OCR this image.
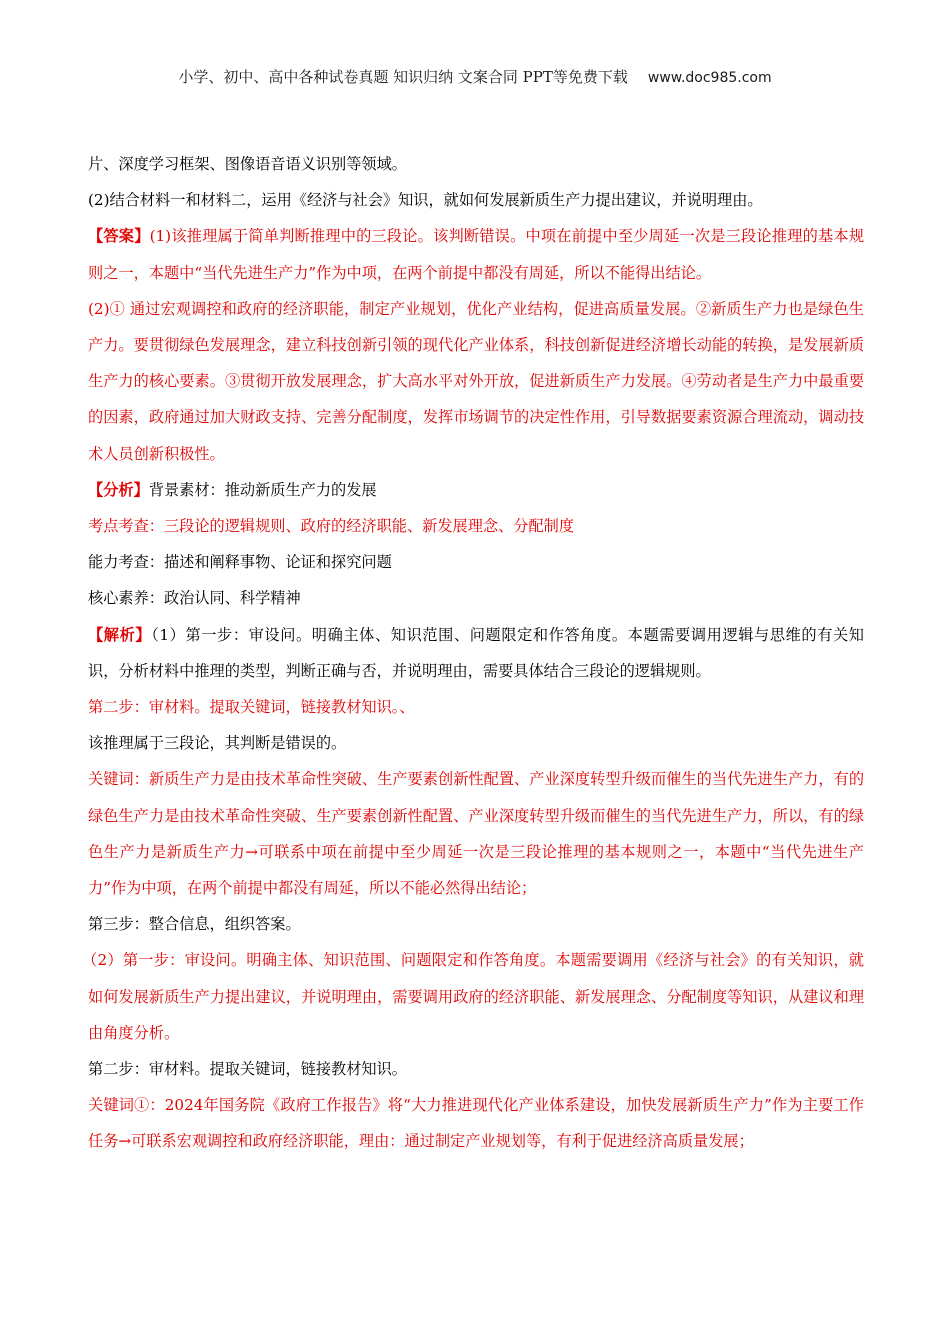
小学、初中、高中各种试卷真题 知识归纳 文案合同 PPT等免费下载 www.doc985.com

片、深度学习框架、图像语音语义识别等领域。

(2)结合材料一和材料二，运用《经济与社会》知识，就如何发展新质生产力提出建议，并说明理由。

【答案】(1)该推理属于简单判断推理中的三段论。该判断错误。中项在前提中至少周延一次是三段论推理的基本规则之一，本题中“当代先进生产力”作为中项，在两个前提中都没有周延，所以不能得出结论。

(2)① 通过宏观调控和政府的经济职能，制定产业规划，优化产业结构，促进高质量发展。②新质生产力也是绿色生产力。要贯彻绿色发展理念，建立科技创新引领的现代化产业体系，科技创新促进经济增长动能的转换，是发展新质生产力的核心要素。③贯彻开放发展理念，扩大高水平对外开放，促进新质生产力发展。④劳动者是生产力中最重要的因素，政府通过加大财政支持、完善分配制度，发挥市场调节的决定性作用，引导数据要素资源合理流动，调动技术人员创新积极性。

【分析】背景素材：推动新质生产力的发展

考点考查：三段论的逻辑规则、政府的经济职能、新发展理念、分配制度

能力考查：描述和阐释事物、论证和探究问题

核心素养：政治认同、科学精神

【解析】（1）第一步：审设问。明确主体、知识范围、问题限定和作答角度。本题需要调用逻辑与思维的有关知识，分析材料中推理的类型，判断正确与否，并说明理由，需要具体结合三段论的逻辑规则。

第二步：审材料。提取关键词，链接教材知识。、

该推理属于三段论，其判断是错误的。

关键词：新质生产力是由技术革命性突破、生产要素创新性配置、产业深度转型升级而催生的当代先进生产力，有的绿色生产力是由技术革命性突破、生产要素创新性配置、产业深度转型升级而催生的当代先进生产力，所以，有的绿色生产力是新质生产力→可联系中项在前提中至少周延一次是三段论推理的基本规则之一，本题中“当代先进生产力”作为中项，在两个前提中都没有周延，所以不能必然得出结论；

第三步：整合信息，组织答案。

（2）第一步：审设问。明确主体、知识范围、问题限定和作答角度。本题需要调用《经济与社会》的有关知识，就如何发展新质生产力提出建议，并说明理由，需要调用政府的经济职能、新发展理念、分配制度等知识，从建议和理由角度分析。

第二步：审材料。提取关键词，链接教材知识。

关键词①：2024年国务院《政府工作报告》将“大力推进现代化产业体系建设，加快发展新质生产力”作为主要工作任务→可联系宏观调控和政府经济职能，理由：通过制定产业规划等，有利于促进经济高质量发展；
